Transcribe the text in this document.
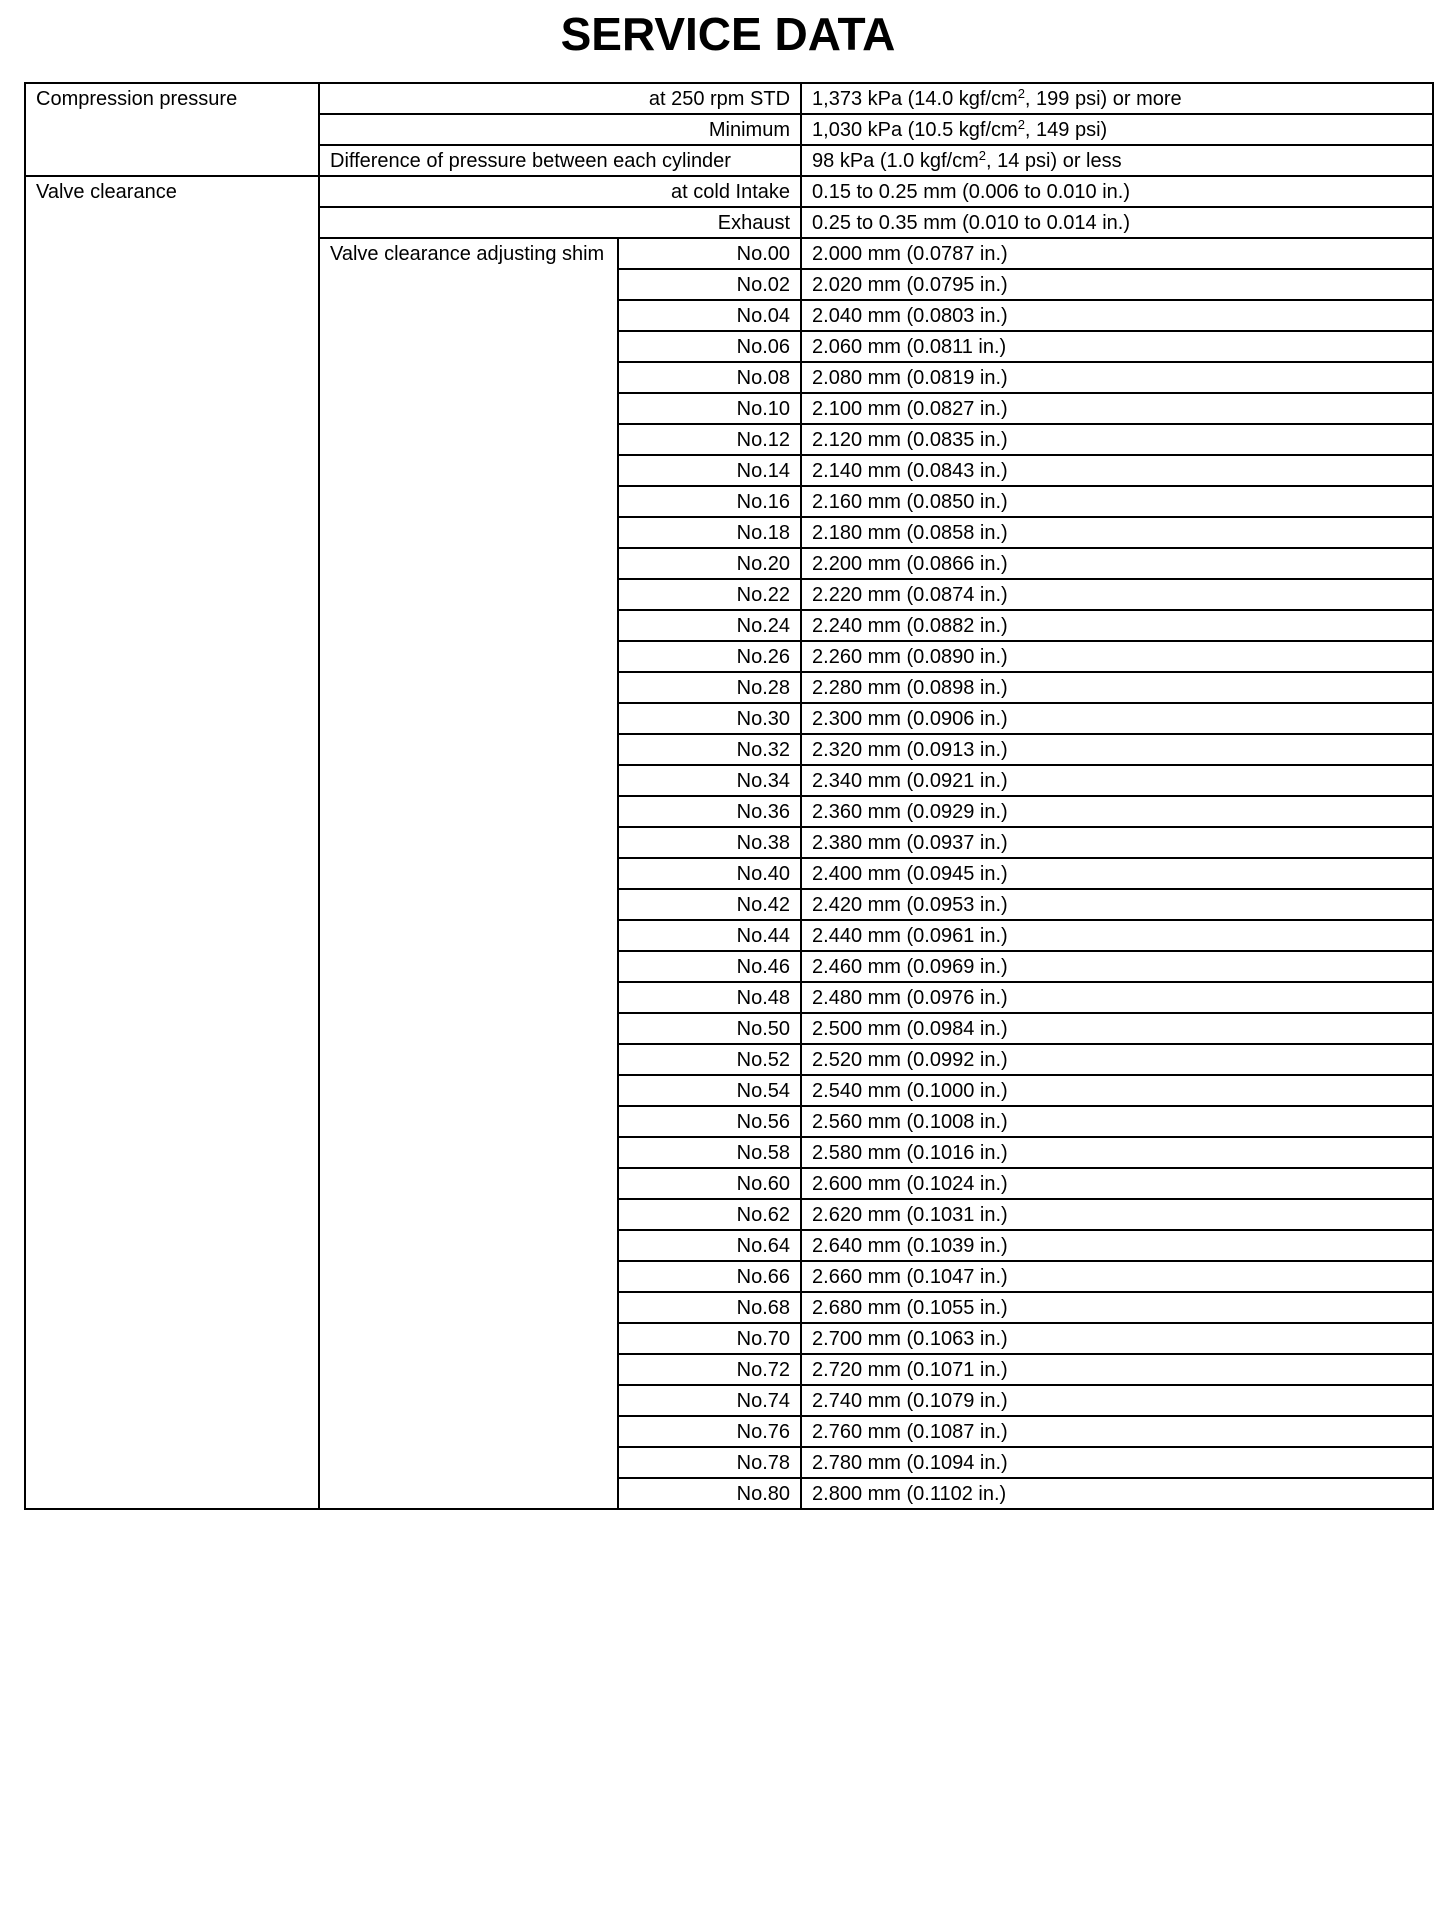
SERVICE DATA
Compression pressure	at 250 rpm STD		1,373 kPa (14.0 kgf/$cm^2$, 199 psi) or more
	Minimum		1,030 kPa (10.5 kgf/$cm^2$, 149 psi)
	Difference of pressure between each cylinder		98 kPa (1.0 kgf/$cm^2$, 14 psi) or less
Valve clearance	at cold Intake		0.15 to 0.25 mm (0.006 to 0.010 in.)
	Exhaust		0.25 to 0.35 mm (0.010 to 0.014 in.)
	Valve clearance adjusting shim	No.00	2.000 mm (0.0787 in.)
		No.02	2.020 mm (0.0795 in.)
		No.04	2.040 mm (0.0803 in.)
		No.06	2.060 mm (0.0811 in.)
		No.08	2.080 mm (0.0819 in.)
		No.10	2.100 mm (0.0827 in.)
		No.12	2.120 mm (0.0835 in.)
		No.14	2.140 mm (0.0843 in.)
		No.16	2.160 mm (0.0850 in.)
		No.18	2.180 mm (0.0858 in.)
		No.20	2.200 mm (0.0866 in.)
		No.22	2.220 mm (0.0874 in.)
		No.24	2.240 mm (0.0882 in.)
		No.26	2.260 mm (0.0890 in.)
		No.28	2.280 mm (0.0898 in.)
		No.30	2.300 mm (0.0906 in.)
		No.32	2.320 mm (0.0913 in.)
		No.34	2.340 mm (0.0921 in.)
		No.36	2.360 mm (0.0929 in.)
		No.38	2.380 mm (0.0937 in.)
		No.40	2.400 mm (0.0945 in.)
		No.42	2.420 mm (0.0953 in.)
		No.44	2.440 mm (0.0961 in.)
		No.46	2.460 mm (0.0969 in.)
		No.48	2.480 mm (0.0976 in.)
		No.50	2.500 mm (0.0984 in.)
		No.52	2.520 mm (0.0992 in.)
		No.54	2.540 mm (0.1000 in.)
		No.56	2.560 mm (0.1008 in.)
		No.58	2.580 mm (0.1016 in.)
		No.60	2.600 mm (0.1024 in.)
		No.62	2.620 mm (0.1031 in.)
		No.64	2.640 mm (0.1039 in.)
		No.66	2.660 mm (0.1047 in.)
		No.68	2.680 mm (0.1055 in.)
		No.70	2.700 mm (0.1063 in.)
		No.72	2.720 mm (0.1071 in.)
		No.74	2.740 mm (0.1079 in.)
		No.76	2.760 mm (0.1087 in.)
		No.78	2.780 mm (0.1094 in.)
		No.80	2.800 mm (0.1102 in.)
